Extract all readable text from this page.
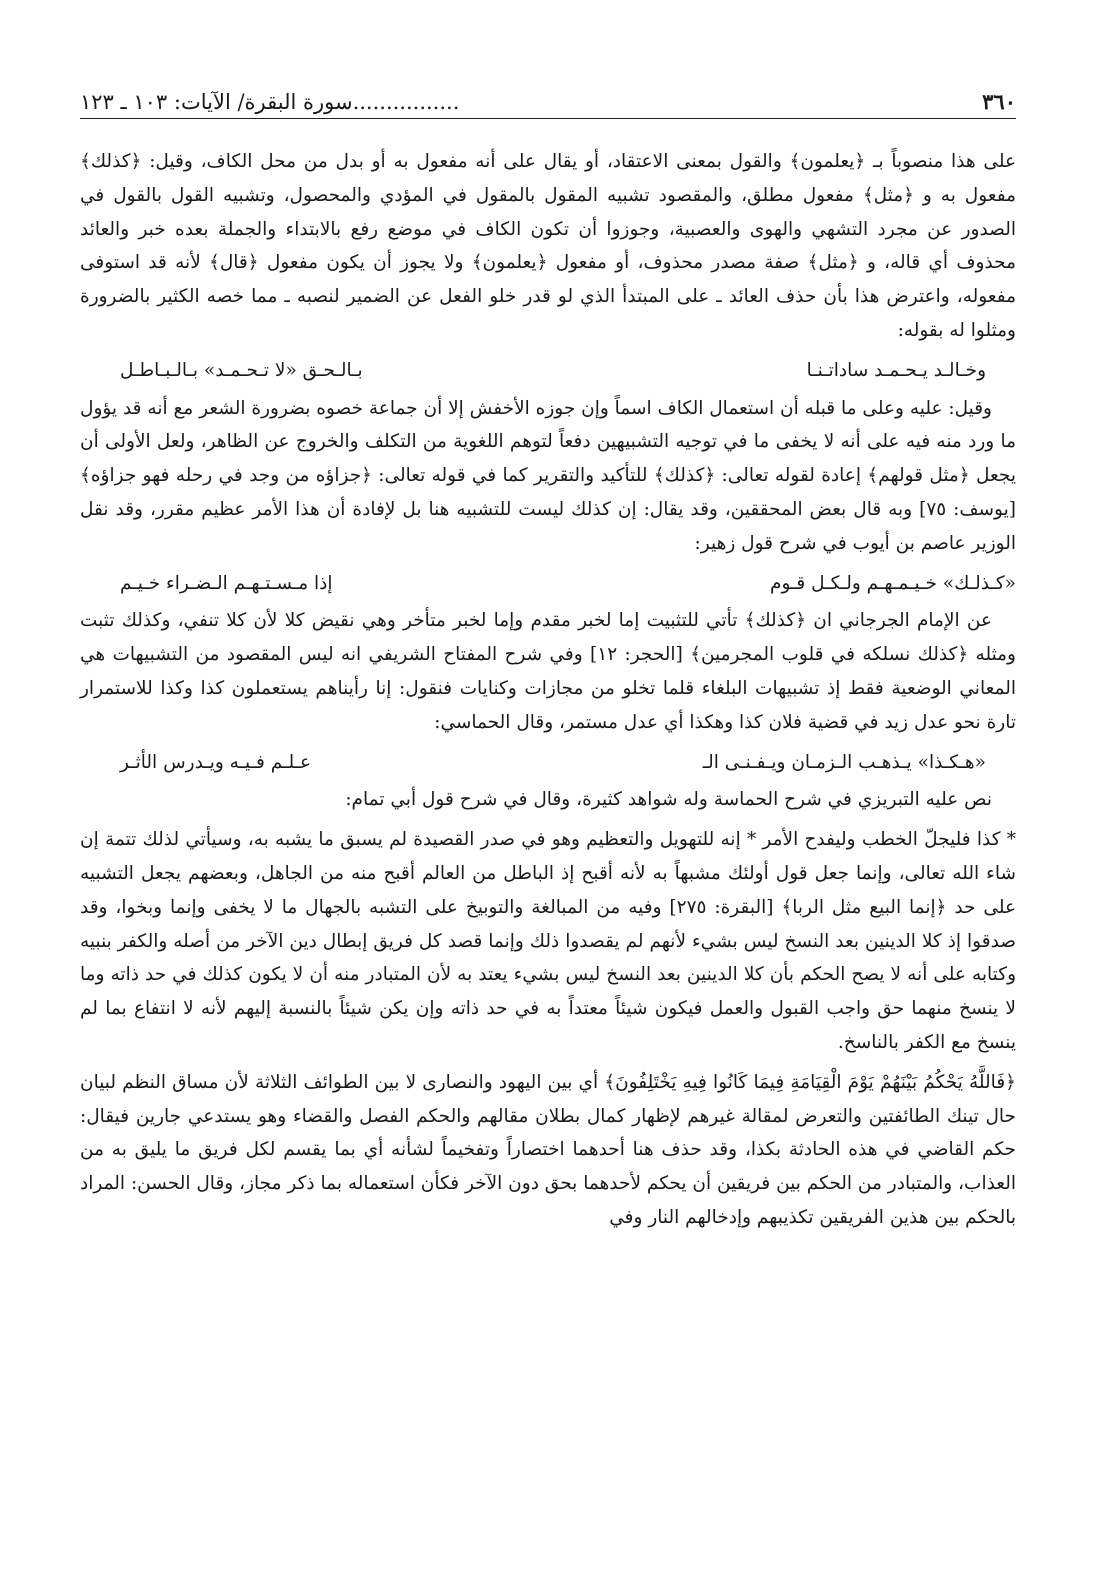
٣٦٠
................سورة البقرة/ الآيات: ١٠٣ ـ ١٢٣

على هذا منصوباً بـ ﴿يعلمون﴾ والقول بمعنى الاعتقاد، أو يقال على أنه مفعول به أو بدل من محل الكاف، وقيل: ﴿كذلك﴾ مفعول به و ﴿مثل﴾ مفعول مطلق، والمقصود تشبيه المقول بالمقول في المؤدي والمحصول، وتشبيه القول بالقول في الصدور عن مجرد التشهي والهوى والعصبية، وجوزوا أن تكون الكاف في موضع رفع بالابتداء والجملة بعده خبر والعائد محذوف أي قاله، و ﴿مثل﴾ صفة مصدر محذوف، أو مفعول ﴿يعلمون﴾ ولا يجوز أن يكون مفعول ﴿قال﴾ لأنه قد استوفى مفعوله، واعترض هذا بأن حذف العائد ـ على المبتدأ الذي لو قدر خلو الفعل عن الضمير لنصبه ـ مما خصه الكثير بالضرورة ومثلوا له بقوله:

وخـالـد يـحـمـد ساداتـنـا
بـالـحـق «لا تـحـمـد» بـالـبـاطـل

وقيل: عليه وعلى ما قبله أن استعمال الكاف اسماً وإن جوزه الأخفش إلا أن جماعة خصوه بضرورة الشعر مع أنه قد يؤول ما ورد منه فيه على أنه لا يخفى ما في توجيه التشبيهين دفعاً لتوهم اللغوية من التكلف والخروج عن الظاهر، ولعل الأولى أن يجعل ﴿مثل قولهم﴾ إعادة لقوله تعالى: ﴿كذلك﴾ للتأكيد والتقرير كما في قوله تعالى: ﴿جزاؤه من وجد في رحله فهو جزاؤه﴾ [يوسف: ٧٥] وبه قال بعض المحققين، وقد يقال: إن كذلك ليست للتشبيه هنا بل لإفادة أن هذا الأمر عظيم مقرر، وقد نقل الوزير عاصم بن أيوب في شرح قول زهير:

«كـذلـك» خـيـمـهـم ولـكـل قـوم
إذا مـسـتـهـم الـضـراء خـيـم

عن الإمام الجرجاني ان ﴿كذلك﴾ تأتي للتثبيت إما لخبر مقدم وإما لخبر متأخر وهي نقيض كلا لأن كلا تنفي، وكذلك تثبت ومثله ﴿كذلك نسلكه في قلوب المجرمين﴾ [الحجر: ١٢] وفي شرح المفتاح الشريفي انه ليس المقصود من التشبيهات هي المعاني الوضعية فقط إذ تشبيهات البلغاء قلما تخلو من مجازات وكنايات فنقول: إنا رأيناهم يستعملون كذا وكذا للاستمرار تارة نحو عدل زيد في قضية فلان كذا وهكذا أي عدل مستمر، وقال الحماسي:

«هـكـذا» يـذهـب الـزمـان ويـفـنـى الـ
عـلـم فـيـه ويـدرس الأثـر

نص عليه التبريزي في شرح الحماسة وله شواهد كثيرة، وقال في شرح قول أبي تمام:

* كذا فليجلّ الخطب وليفدح الأمر * إنه للتهويل والتعظيم وهو في صدر القصيدة لم يسبق ما يشبه به، وسيأتي لذلك تتمة إن شاء الله تعالى، وإنما جعل قول أولئك مشبهاً به لأنه أقبح إذ الباطل من العالم أقبح منه من الجاهل، وبعضهم يجعل التشبيه على حد ﴿إنما البيع مثل الربا﴾ [البقرة: ٢٧٥] وفيه من المبالغة والتوبيخ على التشبه بالجهال ما لا يخفى وإنما وبخوا، وقد صدقوا إذ كلا الدينين بعد النسخ ليس بشيء لأنهم لم يقصدوا ذلك وإنما قصد كل فريق إبطال دين الآخر من أصله والكفر بنبيه وكتابه على أنه لا يصح الحكم بأن كلا الدينين بعد النسخ ليس بشيء يعتد به لأن المتبادر منه أن لا يكون كذلك في حد ذاته وما لا ينسخ منهما حق واجب القبول والعمل فيكون شيئاً معتداً به في حد ذاته وإن يكن شيئاً بالنسبة إليهم لأنه لا انتفاع بما لم ينسخ مع الكفر بالناسخ.

﴿فَاللَّهُ يَحْكُمُ بَيْنَهُمْ يَوْمَ الْقِيَامَةِ فِيمَا كَانُوا فِيهِ يَخْتَلِفُونَ﴾ أي بين اليهود والنصارى لا بين الطوائف الثلاثة لأن مساق النظم لبيان حال تينك الطائفتين والتعرض لمقالة غيرهم لإظهار كمال بطلان مقالهم والحكم الفصل والقضاء وهو يستدعي جارين فيقال: حكم القاضي في هذه الحادثة بكذا، وقد حذف هنا أحدهما اختصاراً وتفخيماً لشأنه أي بما يقسم لكل فريق ما يليق به من العذاب، والمتبادر من الحكم بين فريقين أن يحكم لأحدهما بحق دون الآخر فكأن استعماله بما ذكر مجاز، وقال الحسن: المراد بالحكم بين هذين الفريقين تكذيبهم وإدخالهم النار وفي
